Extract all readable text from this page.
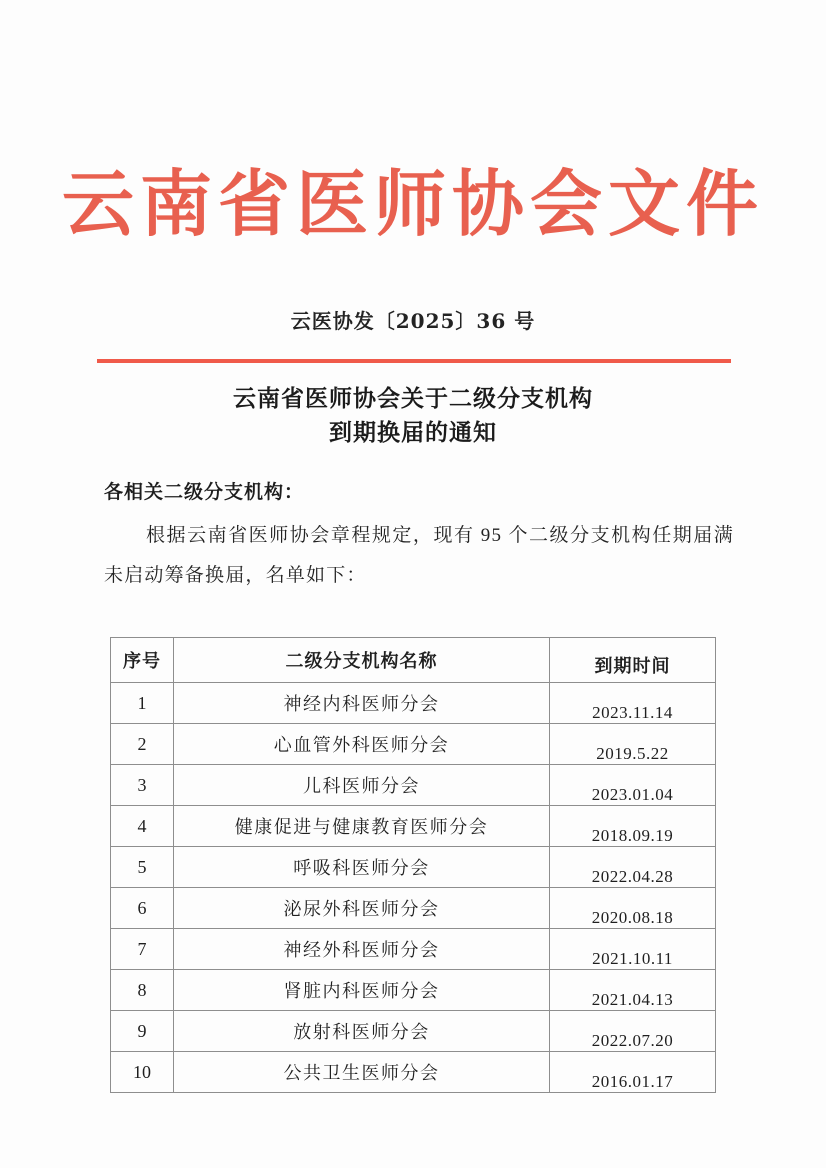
云南省医师协会文件
云医协发〔2025〕36 号
云南省医师协会关于二级分支机构
到期换届的通知
各相关二级分支机构：
根据云南省医师协会章程规定，现有 95 个二级分支机构任期届满未启动筹备换届，名单如下：
序号	二级分支机构名称	到期时间
1	神经内科医师分会	2023.11.14
2	心血管外科医师分会	2019.5.22
3	儿科医师分会	2023.01.04
4	健康促进与健康教育医师分会	2018.09.19
5	呼吸科医师分会	2022.04.28
6	泌尿外科医师分会	2020.08.18
7	神经外科医师分会	2021.10.11
8	肾脏内科医师分会	2021.04.13
9	放射科医师分会	2022.07.20
10	公共卫生医师分会	2016.01.17
